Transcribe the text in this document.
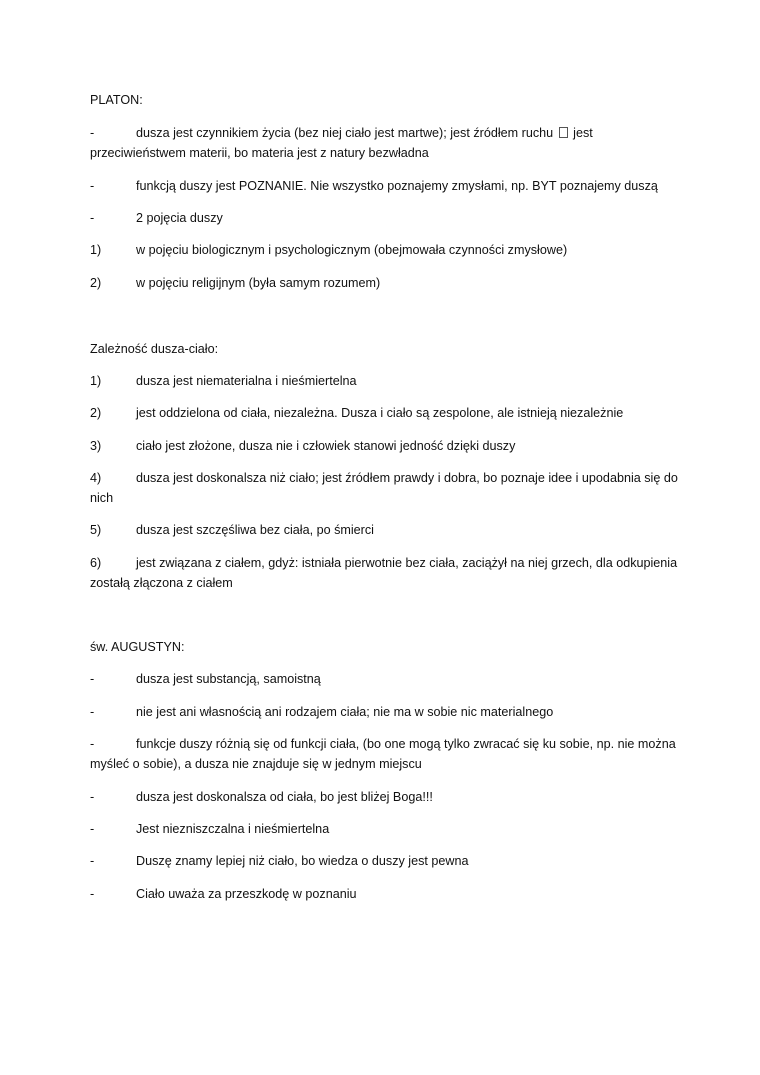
PLATON:
-	dusza jest czynnikiem życia (bez niej ciało jest martwe); jest źródłem ruchu  jest przeciwieństwem materii, bo materia jest z natury bezwładna
-	funkcją duszy jest POZNANIE. Nie wszystko poznajemy zmysłami, np. BYT poznajemy duszą
-	2 pojęcia duszy
1)	w pojęciu biologicznym i psychologicznym (obejmowała czynności zmysłowe)
2)	w pojęciu religijnym (była samym rozumem)
Zależność dusza-ciało:
1)	dusza jest niematerialna i nieśmiertelna
2)	jest oddzielona od ciała, niezależna. Dusza i ciało są zespolone, ale istnieją niezależnie
3)	ciało jest złożone, dusza nie i człowiek stanowi jedność dzięki duszy
4)	dusza jest doskonalsza niż ciało; jest źródłem prawdy i dobra, bo poznaje idee i upodabnia się do nich
5)	dusza jest szczęśliwa bez ciała, po śmierci
6)	jest związana z ciałem, gdyż: istniała pierwotnie bez ciała, zaciążył na niej grzech, dla odkupienia zostałą złączona z ciałem
św. AUGUSTYN:
-	dusza jest substancją, samoistną
-	nie jest ani własnością ani rodzajem ciała; nie ma w sobie nic materialnego
-	funkcje duszy różnią się od funkcji ciała, (bo one mogą tylko zwracać się ku sobie, np. nie można myśleć o sobie), a dusza nie znajduje się w jednym miejscu
-	dusza jest doskonalsza od ciała, bo jest bliżej Boga!!!
-	Jest niezniszczalna i nieśmiertelna
-	Duszę znamy lepiej niż ciało, bo wiedza o duszy jest pewna
-	Ciało uważa za przeszkodę w poznaniu
